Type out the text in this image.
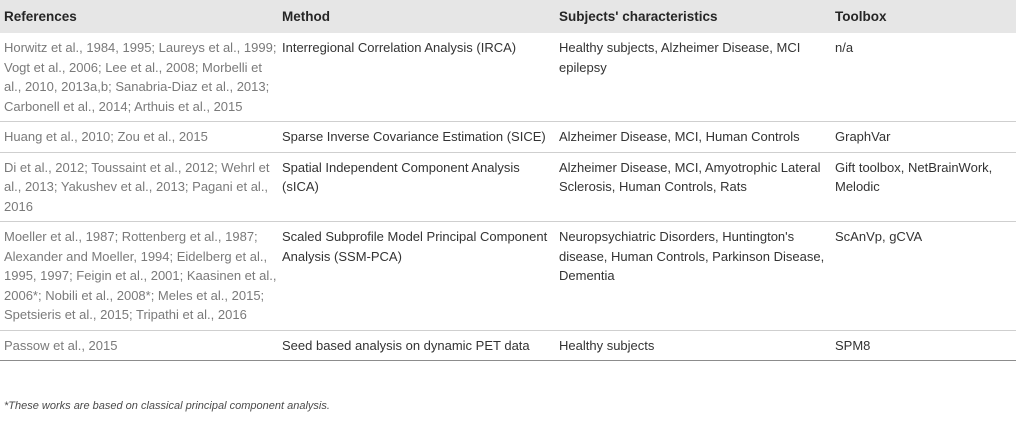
References	Method	Subjects' characteristics	Toolbox
Horwitz et al., 1984, 1995; Laureys et al., 1999; Vogt et al., 2006; Lee et al., 2008; Morbelli et al., 2010, 2013a,b; Sanabria-Diaz et al., 2013; Carbonell et al., 2014; Arthuis et al., 2015	Interregional Correlation Analysis (IRCA)	Healthy subjects, Alzheimer Disease, MCI epilepsy	n/a
Huang et al., 2010; Zou et al., 2015	Sparse Inverse Covariance Estimation (SICE)	Alzheimer Disease, MCI, Human Controls	GraphVar
Di et al., 2012; Toussaint et al., 2012; Wehrl et al., 2013; Yakushev et al., 2013; Pagani et al., 2016	Spatial Independent Component Analysis (sICA)	Alzheimer Disease, MCI, Amyotrophic Lateral Sclerosis, Human Controls, Rats	Gift toolbox, NetBrainWork, Melodic
Moeller et al., 1987; Rottenberg et al., 1987; Alexander and Moeller, 1994; Eidelberg et al., 1995, 1997; Feigin et al., 2001; Kaasinen et al., 2006*; Nobili et al., 2008*; Meles et al., 2015; Spetsieris et al., 2015; Tripathi et al., 2016	Scaled Subprofile Model Principal Component Analysis (SSM-PCA)	Neuropsychiatric Disorders, Huntington's disease, Human Controls, Parkinson Disease, Dementia	ScAnVp, gCVA
Passow et al., 2015	Seed based analysis on dynamic PET data	Healthy subjects	SPM8
*These works are based on classical principal component analysis.
